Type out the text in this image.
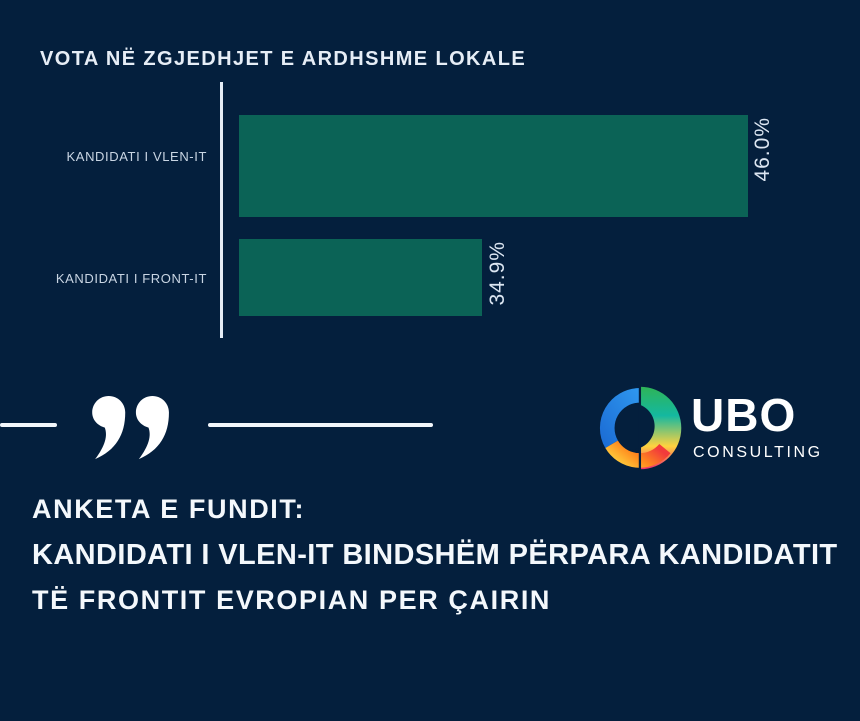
VOTA NË ZGJEDHJET E ARDHSHME LOKALE
KANDIDATI I VLEN-IT	46.0%
KANDIDATI I FRONT-IT	34.9%
UBO
CONSULTING
ANKETA E FUNDIT:
KANDIDATI I VLEN-IT BINDSHËM PËRPARA KANDIDATIT
TË FRONTIT EVROPIAN PER ÇAIRIN
